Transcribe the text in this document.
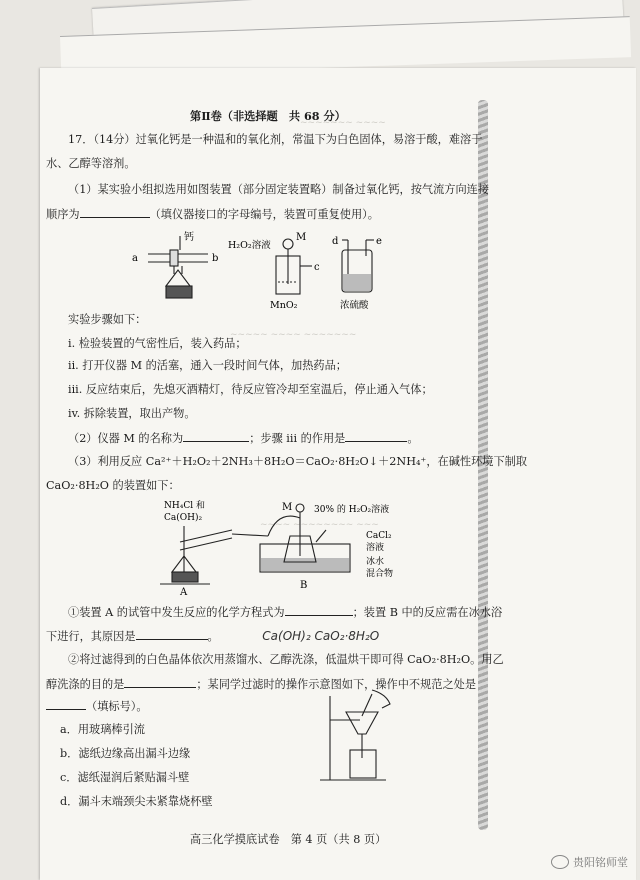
~~~~~~~ ~~~~
~~~~~ ~~~~ ~~~~~~~
~~~~ ~~~~~~~~ ~~~
第Ⅱ卷（非选择题　共 68 分）
17．（14分）过氧化钙是一种温和的氧化剂，常温下为白色固体，易溶于酸，难溶于
水、乙醇等溶剂。
（1）某实验小组拟选用如图装置（部分固定装置略）制备过氧化钙，按气流方向连接
顺序为	（填仪器接口的字母编号，装置可重复使用）。
a	b
钙
H₂O₂溶液
M
c
MnO₂
d	e
浓硫酸
实验步骤如下：
i. 检验装置的气密性后，装入药品；
ii. 打开仪器 M 的活塞，通入一段时间气体，加热药品；
iii. 反应结束后，先熄灭酒精灯，待反应管冷却至室温后，停止通入气体；
iv. 拆除装置，取出产物。
（2）仪器 M 的名称为	；步骤 iii 的作用是	。
（3）利用反应 Ca²⁺＋H₂O₂＋2NH₃＋8H₂O＝CaO₂·8H₂O↓＋2NH₄⁺，在碱性环境下制取
CaO₂·8H₂O 的装置如下：
NH₄Cl 和
Ca(OH)₂
M 30% 的 H₂O₂溶液
CaCl₂
溶液
冰水
混合物
A
B
①装置 A 的试管中发生反应的化学方程式为	；装置 B 中的反应需在冰水浴
下进行，其原因是	。	Ca(OH)₂ CaO₂·8H₂O
②将过滤得到的白色晶体依次用蒸馏水、乙醇洗涤，低温烘干即可得 CaO₂·8H₂O。用乙
醇洗涤的目的是	；某同学过滤时的操作示意图如下，操作中不规范之处是
（填标号）。
a．用玻璃棒引流
b．滤纸边缘高出漏斗边缘
c．滤纸湿润后紧贴漏斗壁
d．漏斗末端颈尖未紧靠烧杯壁
高三化学摸底试卷　第 4 页（共 8 页）
贵阳铭师堂
